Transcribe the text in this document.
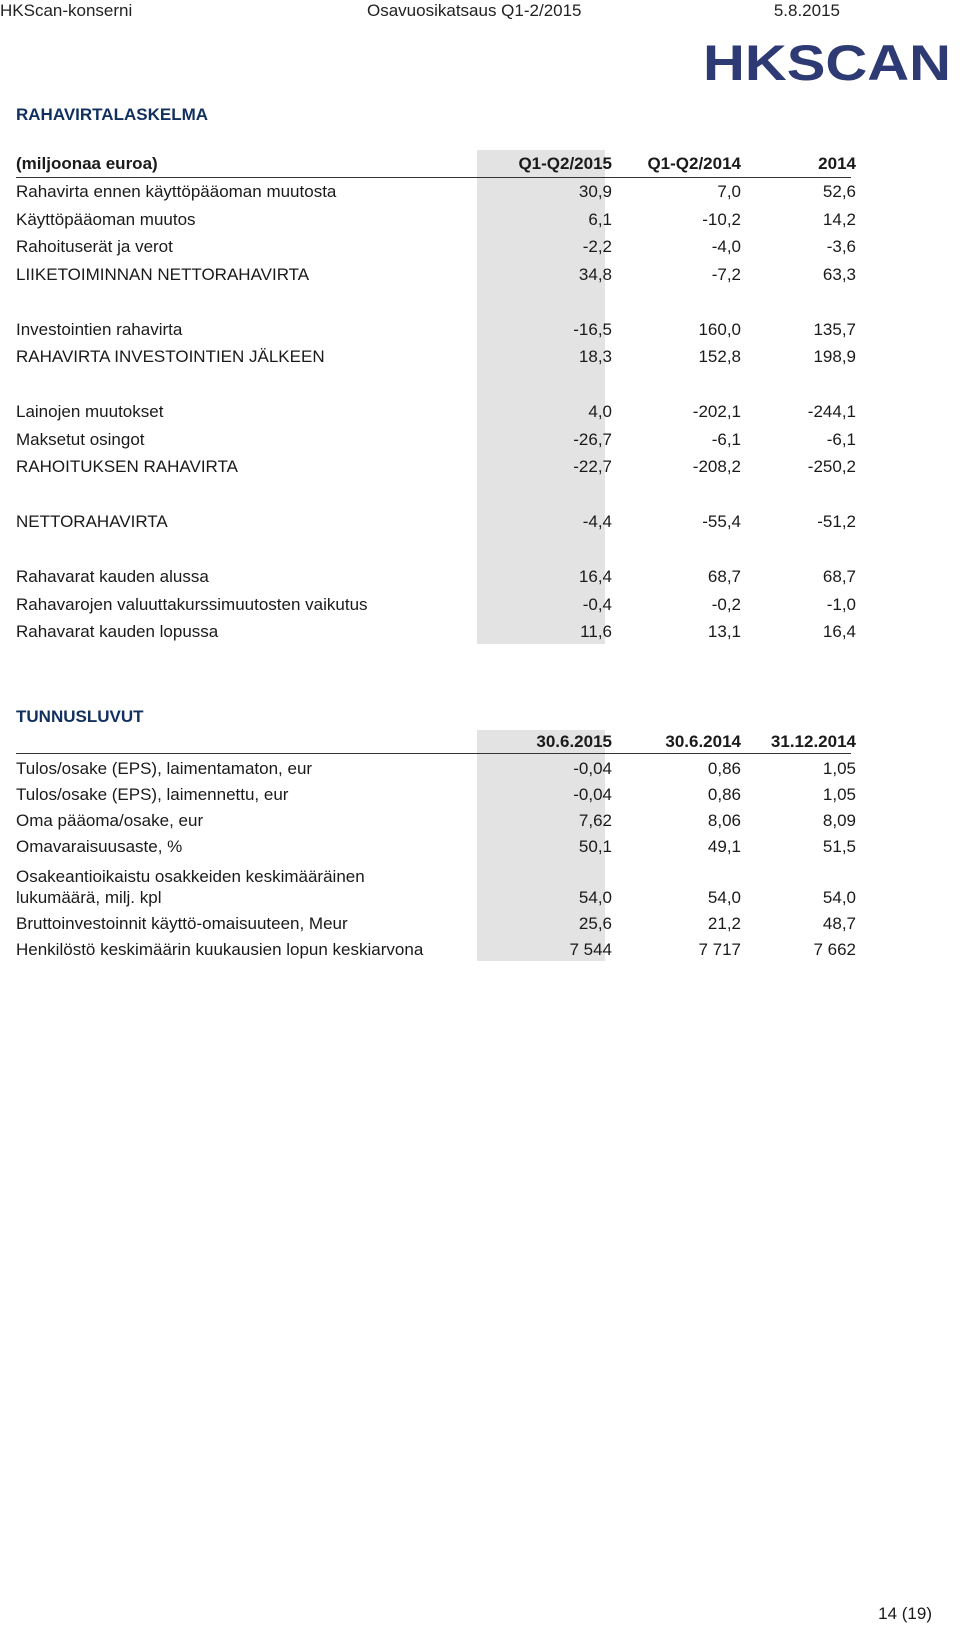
HKScan-konserni	Osavuosikatsaus Q1-2/2015	5.8.2015
HKSCAN
RAHAVIRTALASKELMA
(miljoonaa euroa)	Q1-Q2/2015	Q1-Q2/2014	2014
Rahavirta ennen käyttöpääoman muutosta	30,9	7,0	52,6
Käyttöpääoman muutos	6,1	-10,2	14,2
Rahoituserät ja verot	-2,2	-4,0	-3,6
LIIKETOIMINNAN NETTORAHAVIRTA	34,8	-7,2	63,3
Investointien rahavirta	-16,5	160,0	135,7
RAHAVIRTA INVESTOINTIEN JÄLKEEN	18,3	152,8	198,9
Lainojen muutokset	4,0	-202,1	-244,1
Maksetut osingot	-26,7	-6,1	-6,1
RAHOITUKSEN RAHAVIRTA	-22,7	-208,2	-250,2
NETTORAHAVIRTA	-4,4	-55,4	-51,2
Rahavarat kauden alussa	16,4	68,7	68,7
Rahavarojen valuuttakurssimuutosten vaikutus	-0,4	-0,2	-1,0
Rahavarat kauden lopussa	11,6	13,1	16,4
TUNNUSLUVUT
30.6.2015	30.6.2014	31.12.2014
Tulos/osake (EPS), laimentamaton, eur	-0,04	0,86	1,05
Tulos/osake (EPS), laimennettu, eur	-0,04	0,86	1,05
Oma pääoma/osake, eur	7,62	8,06	8,09
Omavaraisuusaste, %	50,1	49,1	51,5
Osakeantioikaistu osakkeiden keskimääräinen
lukumäärä, milj. kpl	54,0	54,0	54,0
Bruttoinvestoinnit käyttö-omaisuuteen, Meur	25,6	21,2	48,7
Henkilöstö keskimäärin kuukausien lopun keskiarvona	7 544	7 717	7 662
14 (19)
